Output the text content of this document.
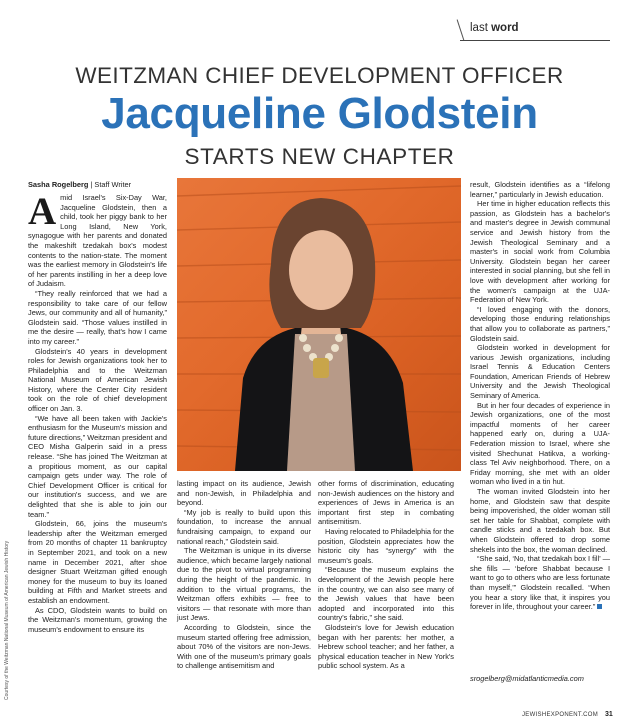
last word
WEITZMAN CHIEF DEVELOPMENT OFFICER
Jacqueline Glodstein
STARTS NEW CHAPTER
Sasha Rogelberg | Staff Writer

Amid Israel's Six-Day War, Jacqueline Glodstein, then a child, took her piggy bank to her Long Island, New York, synagogue with her parents and donated the makeshift tzedakah box's modest contents to the nation-state. The moment was the earliest memory in Glodstein's life of her parents instilling in her a deep love of Judaism.

“They really reinforced that we had a responsibility to take care of our fellow Jews, our community and all of humanity,” Glodstein said. “Those values instilled in me the desire — really, that's how I came into my career.”

Glodstein's 40 years in development roles for Jewish organizations took her to Philadelphia and to the Weitzman National Museum of American Jewish History, where the Center City resident took on the role of chief development officer on Jan. 3.

“We have all been taken with Jackie's enthusiasm for the Museum's mission and future directions,” Weitzman president and CEO Misha Galperin said in a press release. “She has joined The Weitzman at a propitious moment, as our capital campaign gets under way. The role of Chief Development Officer is critical for our institution's success, and we are delighted that she is able to join our team.”

Glodstein, 66, joins the museum's leadership after the Weitzman emerged from 20 months of chapter 11 bankruptcy in September 2021, and took on a new name in December 2021, after shoe designer Stuart Weitzman gifted enough money for the museum to buy its loaned building at Fifth and Market streets and establish an endowment.

As CDO, Glodstein wants to build on the Weitzman's momentum, growing the museum's endowment to ensure its

lasting impact on its audience, Jewish and non-Jewish, in Philadelphia and beyond.

“My job is really to build upon this foundation, to increase the annual fundraising campaign, to expand our national reach,” Glodstein said.

The Weitzman is unique in its diverse audience, which became largely national due to the pivot to virtual programming during the height of the pandemic. In addition to the virtual programs, the Weitzman offers exhibits — free to visitors — that resonate with more than just Jews.

According to Glodstein, since the museum started offering free admission, about 70% of the visitors are non-Jews. With one of the museum's primary goals to challenge antisemitism and

other forms of discrimination, educating non-Jewish audiences on the history and experiences of Jews in America is an important first step in combating antisemitism.

Having relocated to Philadelphia for the position, Glodstein appreciates how the historic city has “synergy” with the museum's goals.

“Because the museum explains the development of the Jewish people here in the country, we can also see many of the Jewish values that have been adopted and incorporated into this country's fabric,” she said.

Glodstein's love for Jewish education began with her parents: her mother, a Hebrew school teacher; and her father, a physical education teacher in New York's public school system. As a

result, Glodstein identifies as a “lifelong learner,” particularly in Jewish education.

Her time in higher education reflects this passion, as Glodstein has a bachelor's and master's degree in Jewish communal service and Jewish history from the Jewish Theological Seminary and a master's in social work from Columbia University. Glodstein began her career interested in social planning, but she fell in love with development after working for the women's campaign at the UJA-Federation of New York.

“I loved engaging with the donors, developing those enduring relationships that allow you to collaborate as partners,” Glodstein said.

Glodstein worked in development for various Jewish organizations, including Israel Tennis & Education Centers Foundation, American Friends of Hebrew University and the Jewish Theological Seminary of America.

But in her four decades of experience in Jewish organizations, one of the most impactful moments of her career happened early on, during a UJA-Federation mission to Israel, where she visited Shechunat Hatikva, a working-class Tel Aviv neighborhood. There, on a Friday morning, she met with an older woman who lived in a tin hut.

The woman invited Glodstein into her home, and Glodstein saw that despite being impoverished, the older woman still set her table for Shabbat, complete with candle sticks and a tzedakah box. But when Glodstein offered to drop some shekels into the box, the woman declined.

“She said, ‘No, that tzedakah box I fill’ — she fills — ‘before Shabbat because I want to go to others who are less fortunate than myself,’” Glodstein recalled. “When you hear a story like that, it inspires you forever in life, throughout your career.”

srogelberg@midatlanticmedia.com
Courtesy of the Weitzman National Museum of American Jewish History
JEWISHEXPONENT.COM 31
